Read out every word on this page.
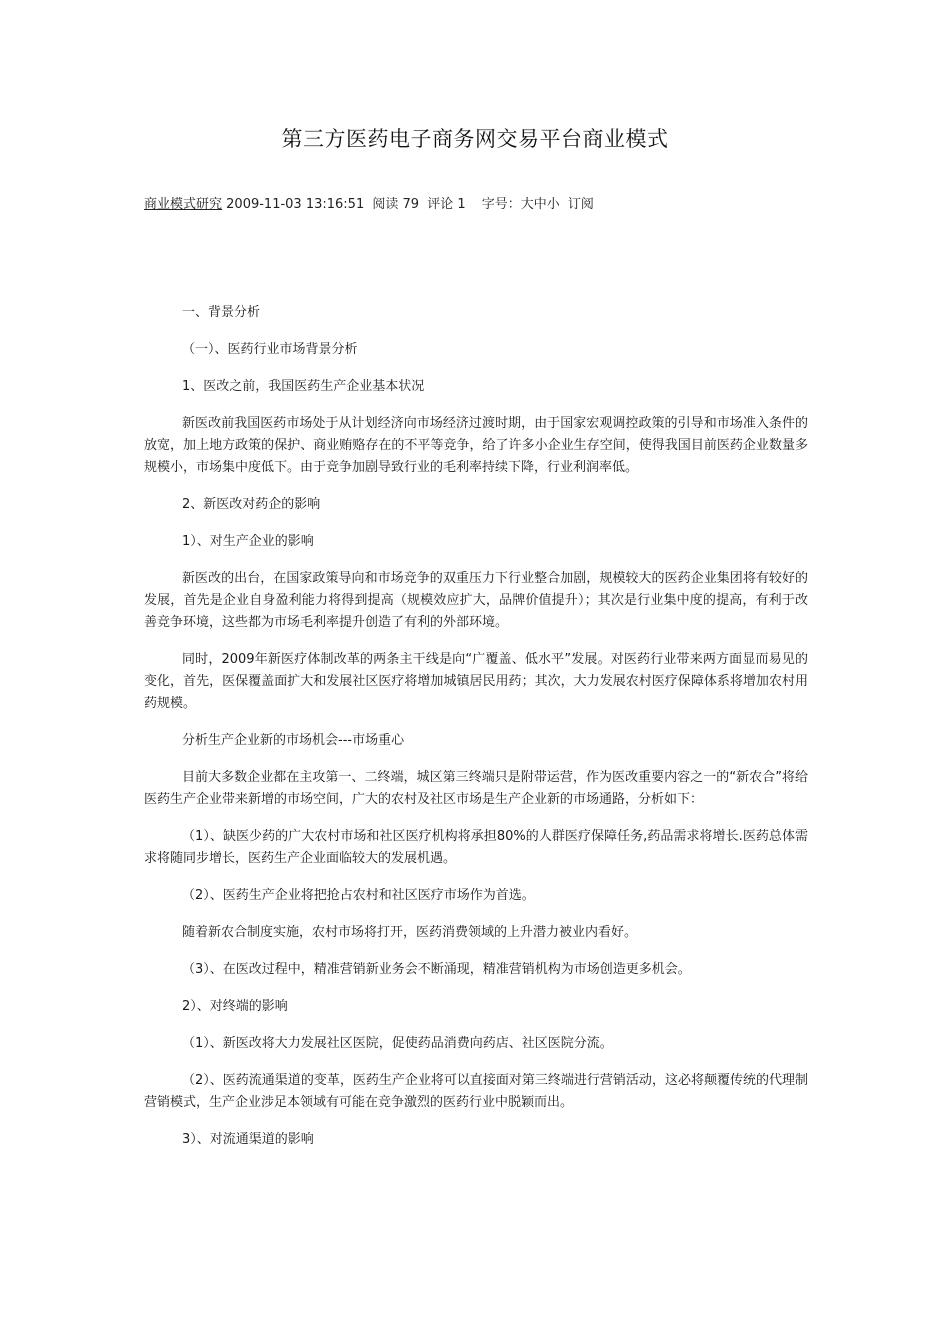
第三方医药电子商务网交易平台商业模式
商业模式研究 2009-11-03 13:16:51 阅读 79 评论 1 字号：大中小 订阅

一、背景分析

（一）、医药行业市场背景分析

1、医改之前，我国医药生产企业基本状况

新医改前我国医药市场处于从计划经济向市场经济过渡时期，由于国家宏观调控政策的引导和市场准入条件的放宽，加上地方政策的保护、商业贿赂存在的不平等竞争，给了许多小企业生存空间，使得我国目前医药企业数量多规模小，市场集中度低下。由于竞争加剧导致行业的毛利率持续下降，行业利润率低。

2、新医改对药企的影响

1）、对生产企业的影响

新医改的出台，在国家政策导向和市场竞争的双重压力下行业整合加剧，规模较大的医药企业集团将有较好的发展，首先是企业自身盈利能力将得到提高（规模效应扩大，品牌价值提升）；其次是行业集中度的提高，有利于改善竞争环境，这些都为市场毛利率提升创造了有利的外部环境。

同时，2009年新医疗体制改革的两条主干线是向“广覆盖、低水平”发展。对医药行业带来两方面显而易见的变化，首先，医保覆盖面扩大和发展社区医疗将增加城镇居民用药；其次，大力发展农村医疗保障体系将增加农村用药规模。

分析生产企业新的市场机会---市场重心

目前大多数企业都在主攻第一、二终端，城区第三终端只是附带运营，作为医改重要内容之一的“新农合”将给医药生产企业带来新增的市场空间，广大的农村及社区市场是生产企业新的市场通路，分析如下：

（1）、缺医少药的广大农村市场和社区医疗机构将承担80%的人群医疗保障任务,药品需求将增长.医药总体需求将随同步增长，医药生产企业面临较大的发展机遇。

（2）、医药生产企业将把抢占农村和社区医疗市场作为首选。

随着新农合制度实施，农村市场将打开，医药消费领域的上升潜力被业内看好。

（3）、在医改过程中，精准营销新业务会不断涌现，精准营销机构为市场创造更多机会。

2）、对终端的影响

（1）、新医改将大力发展社区医院，促使药品消费向药店、社区医院分流。

（2）、医药流通渠道的变革，医药生产企业将可以直接面对第三终端进行营销活动，这必将颠覆传统的代理制营销模式，生产企业涉足本领域有可能在竞争激烈的医药行业中脱颖而出。

3）、对流通渠道的影响
